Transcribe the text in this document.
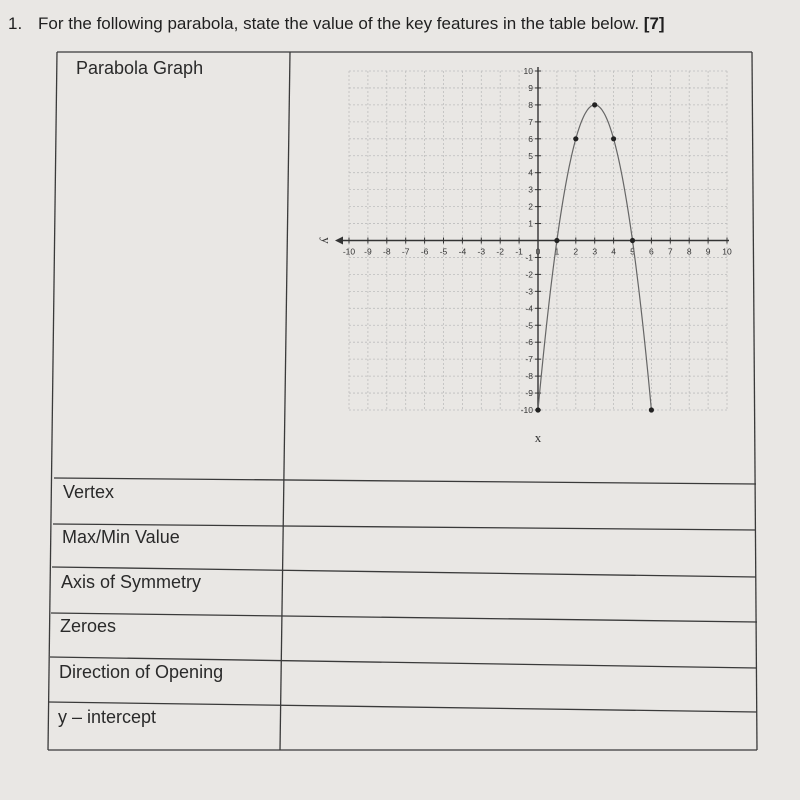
1. For the following parabola, state the value of the key features in the table below. [7]
-10 -9 -8 -7 -6 -5 -4 -3 -2 -1 0 1 2 3 4 5 6 7 8 9 10
-10
-9
-8
-7
-6
-5
-4
-3
-2
-1
1
2
3
4
5
6
7
8
9
10
x
y
Parabola Graph
Vertex
Max/Min Value
Axis of Symmetry
Zeroes
Direction of Opening
y – intercept
